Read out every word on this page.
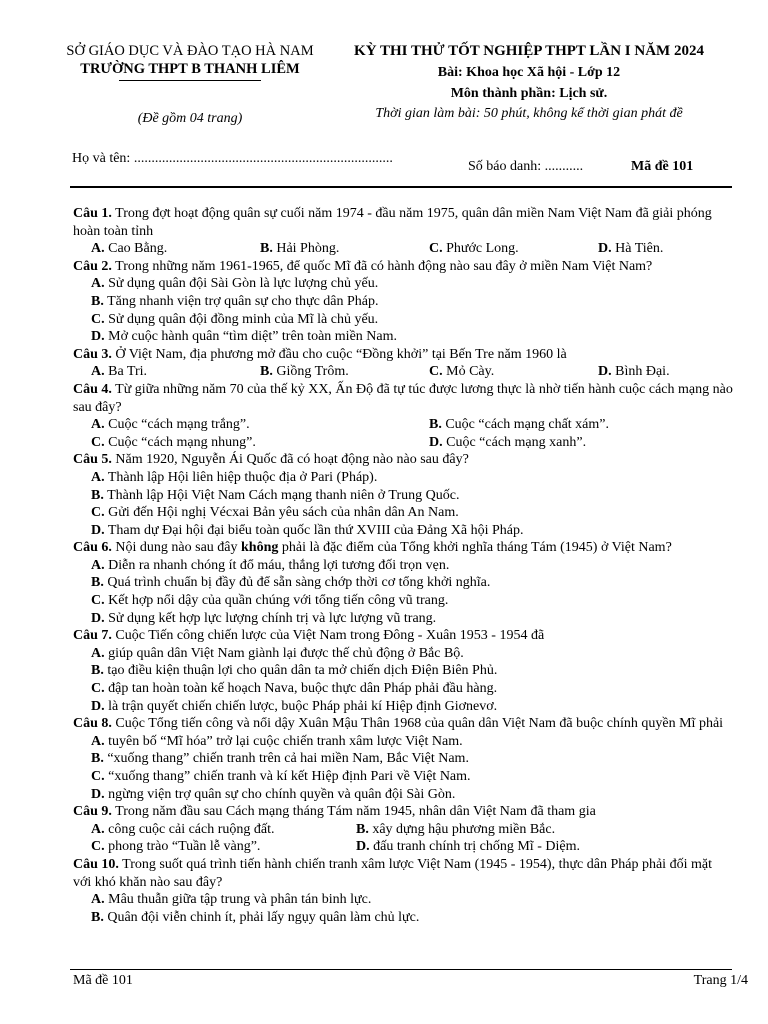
SỞ GIÁO DỤC VÀ ĐÀO TẠO HÀ NAM
TRƯỜNG THPT B THANH LIÊM
(Đề gồm 04 trang)
KỲ THI THỬ TỐT NGHIỆP THPT LẦN I NĂM 2024
Bài: Khoa học Xã hội - Lớp 12
Môn thành phần: Lịch sử.
Thời gian làm bài: 50 phút, không kể thời gian phát đề
Họ và tên: ..........................................................................
Số báo danh: ...........	Mã đề 101
Câu 1. Trong đợt hoạt động quân sự cuối năm 1974 - đầu năm 1975, quân dân miền Nam Việt Nam đã giải phóng hoàn toàn tỉnh
A. Cao Bằng.	B. Hải Phòng.	C. Phước Long.	D. Hà Tiên.
Câu 2. Trong những năm 1961-1965, để quốc Mĩ đã có hành động nào sau đây ở miền Nam Việt Nam?
A. Sử dụng quân đội Sài Gòn là lực lượng chủ yếu.
B. Tăng nhanh viện trợ quân sự cho thực dân Pháp.
C. Sử dụng quân đội đồng minh của Mĩ là chủ yếu.
D. Mở cuộc hành quân “tìm diệt” trên toàn miền Nam.
Câu 3. Ở Việt Nam, địa phương mở đầu cho cuộc “Đồng khởi” tại Bến Tre năm 1960 là
A. Ba Tri.	B. Giồng Trôm.	C. Mỏ Cày.	D. Bình Đại.
Câu 4. Từ giữa những năm 70 của thế kỷ XX, Ấn Độ đã tự túc được lương thực là nhờ tiến hành cuộc cách mạng nào sau đây?
A. Cuộc “cách mạng trắng”.	B. Cuộc “cách mạng chất xám”.
C. Cuộc “cách mạng nhung”.	D. Cuộc “cách mạng xanh”.
Câu 5. Năm 1920, Nguyễn Ái Quốc đã có hoạt động nào nào sau đây?
A. Thành lập Hội liên hiệp thuộc địa ở Pari (Pháp).
B. Thành lập Hội Việt Nam Cách mạng thanh niên ở Trung Quốc.
C. Gửi đến Hội nghị Vécxai Bản yêu sách của nhân dân An Nam.
D. Tham dự Đại hội đại biểu toàn quốc lần thứ XVIII của Đảng Xã hội Pháp.
Câu 6. Nội dung nào sau đây không phải là đặc điểm của Tổng khởi nghĩa tháng Tám (1945) ở Việt Nam?
A. Diễn ra nhanh chóng ít đổ máu, thắng lợi tương đối trọn vẹn.
B. Quá trình chuẩn bị đầy đủ để sẵn sàng chớp thời cơ tổng khởi nghĩa.
C. Kết hợp nổi dậy của quần chúng với tổng tiến công vũ trang.
D. Sử dụng kết hợp lực lượng chính trị và lực lượng vũ trang.
Câu 7. Cuộc Tiến công chiến lược của Việt Nam trong Đông - Xuân 1953 - 1954 đã
A. giúp quân dân Việt Nam giành lại được thế chủ động ở Bắc Bộ.
B. tạo điều kiện thuận lợi cho quân dân ta mở chiến dịch Điện Biên Phủ.
C. đập tan hoàn toàn kế hoạch Nava, buộc thực dân Pháp phải đầu hàng.
D. là trận quyết chiến chiến lược, buộc Pháp phải kí Hiệp định Giơnevơ.
Câu 8. Cuộc Tổng tiến công và nổi dậy Xuân Mậu Thân 1968 của quân dân Việt Nam đã buộc chính quyền Mĩ phải
A. tuyên bố “Mĩ hóa” trở lại cuộc chiến tranh xâm lược Việt Nam.
B. “xuống thang” chiến tranh trên cả hai miền Nam, Bắc Việt Nam.
C. “xuống thang” chiến tranh và kí kết Hiệp định Pari về Việt Nam.
D. ngừng viện trợ quân sự cho chính quyền và quân đội Sài Gòn.
Câu 9. Trong năm đầu sau Cách mạng tháng Tám năm 1945, nhân dân Việt Nam đã tham gia
A. công cuộc cải cách ruộng đất.	B. xây dựng hậu phương miền Bắc.
C. phong trào “Tuần lễ vàng”.	D. đấu tranh chính trị chống Mĩ - Diệm.
Câu 10. Trong suốt quá trình tiến hành chiến tranh xâm lược Việt Nam (1945 - 1954), thực dân Pháp phải đối mặt với khó khăn nào sau đây?
A. Mâu thuẫn giữa tập trung và phân tán binh lực.
B. Quân đội viễn chinh ít, phải lấy ngụy quân làm chủ lực.
Mã đề 101	Trang 1/4
